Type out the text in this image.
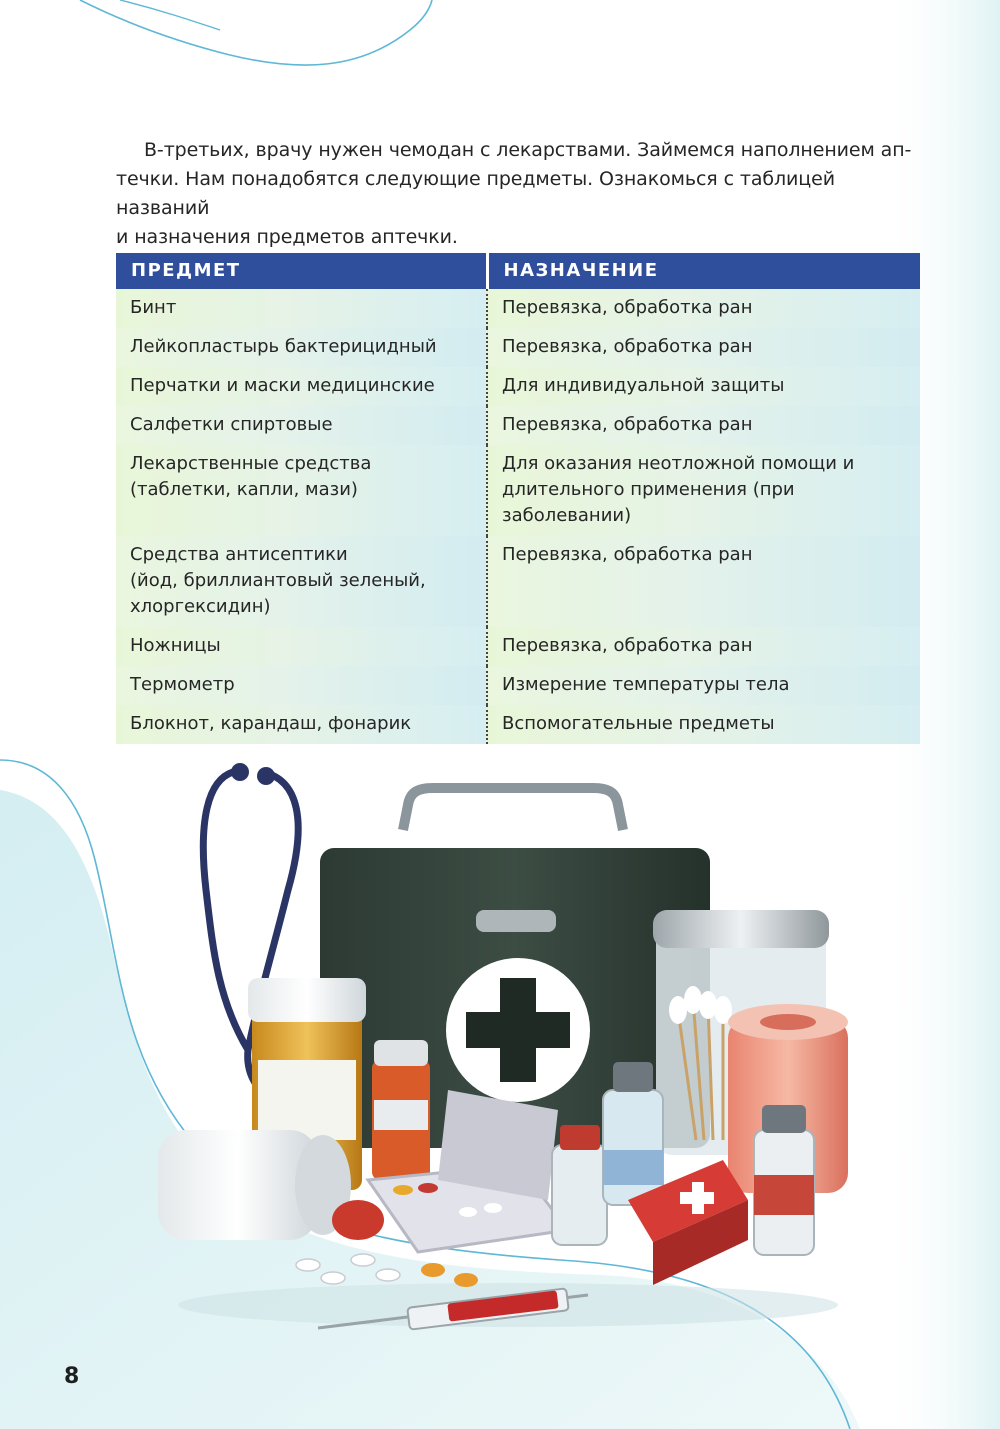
В-третьих, врачу нужен чемодан с лекарствами. Займемся наполнением ап-
течки. Нам понадобятся следующие предметы. Ознакомься с таблицей названий
и назначения предметов аптечки.

ПРЕДМЕТ	НАЗНАЧЕНИЕ
Бинт	Перевязка, обработка ран
Лейкопластырь бактерицидный	Перевязка, обработка ран
Перчатки и маски медицинские	Для индивидуальной защиты
Салфетки спиртовые	Перевязка, обработка ран
Лекарственные средства
(таблетки, капли, мази)	Для оказания неотложной помощи и
длительного применения (при заболевании)
Средства антисептики
(йод, бриллиантовый зеленый,
хлоргексидин)	Перевязка, обработка ран
Ножницы	Перевязка, обработка ран
Термометр	Измерение температуры тела
Блокнот, карандаш, фонарик	Вспомогательные предметы
8
